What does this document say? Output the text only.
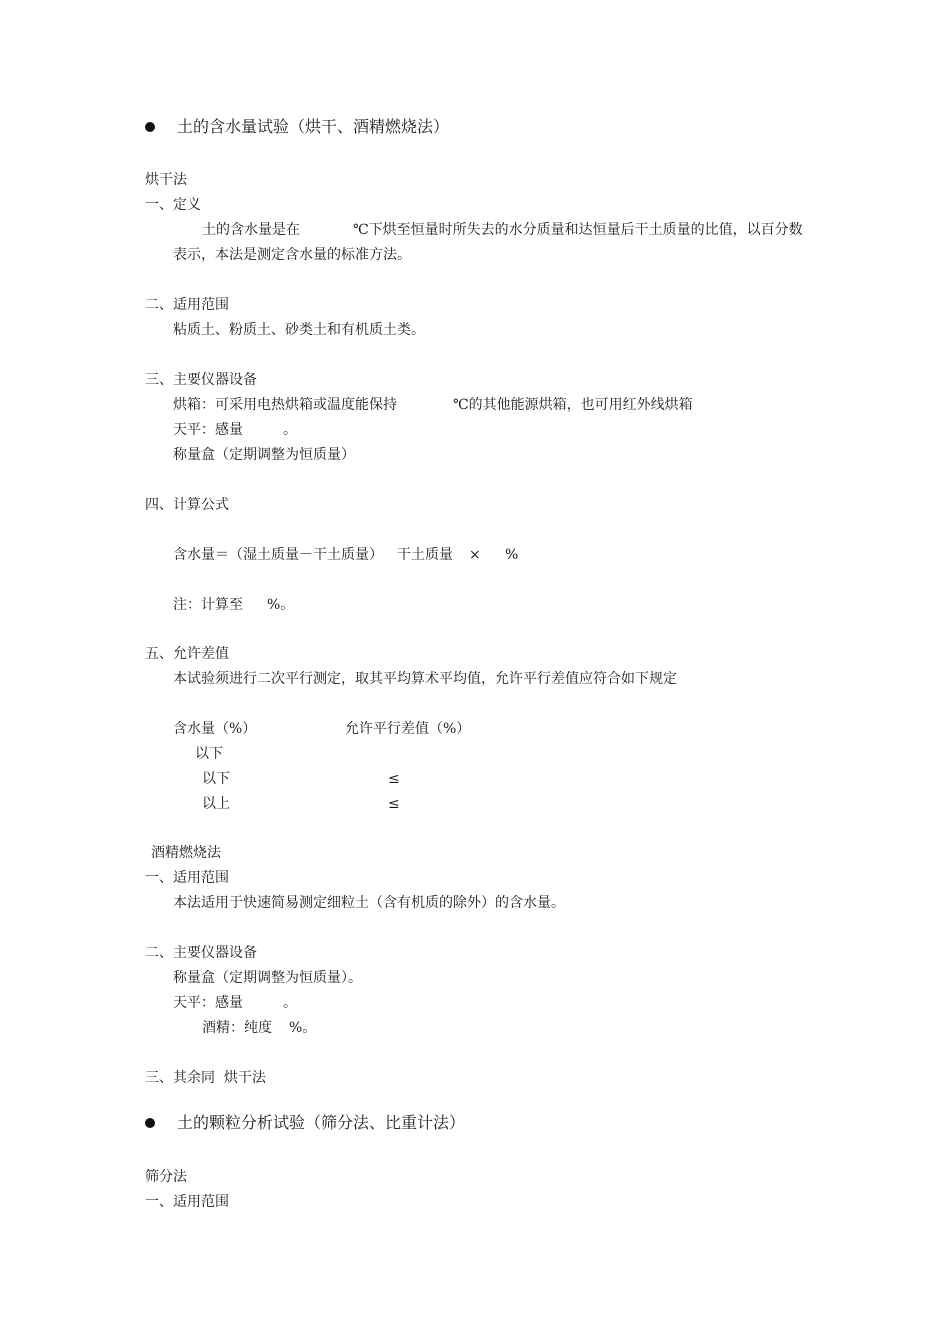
土的含水量试验（烘干、酒精燃烧法）
烘干法
一、定义
土的含水量是在	℃下烘至恒量时所失去的水分质量和达恒量后干土质量的比值，以百分数
表示，本法是测定含水量的标准方法。
二、适用范围
粘质土、粉质土、砂类土和有机质土类。
三、主要仪器设备
烘箱：可采用电热烘箱或温度能保持	℃的其他能源烘箱，也可用红外线烘箱
天平：感量	。
称量盒（定期调整为恒质量）
四、计算公式
含水量＝（湿土质量－干土质量） 干土质量 × %
注：计算至 %。
五、允许差值
本试验须进行二次平行测定，取其平均算术平均值，允许平行差值应符合如下规定
含水量（%）	允许平行差值（%）
以下
以下	≤
以上	≤
酒精燃烧法
一、适用范围
本法适用于快速简易测定细粒土（含有机质的除外）的含水量。
二、主要仪器设备
称量盒（定期调整为恒质量）。
天平：感量	。
酒精：纯度 %。
三、其余同  烘干法
土的颗粒分析试验（筛分法、比重计法）
筛分法
一、适用范围
